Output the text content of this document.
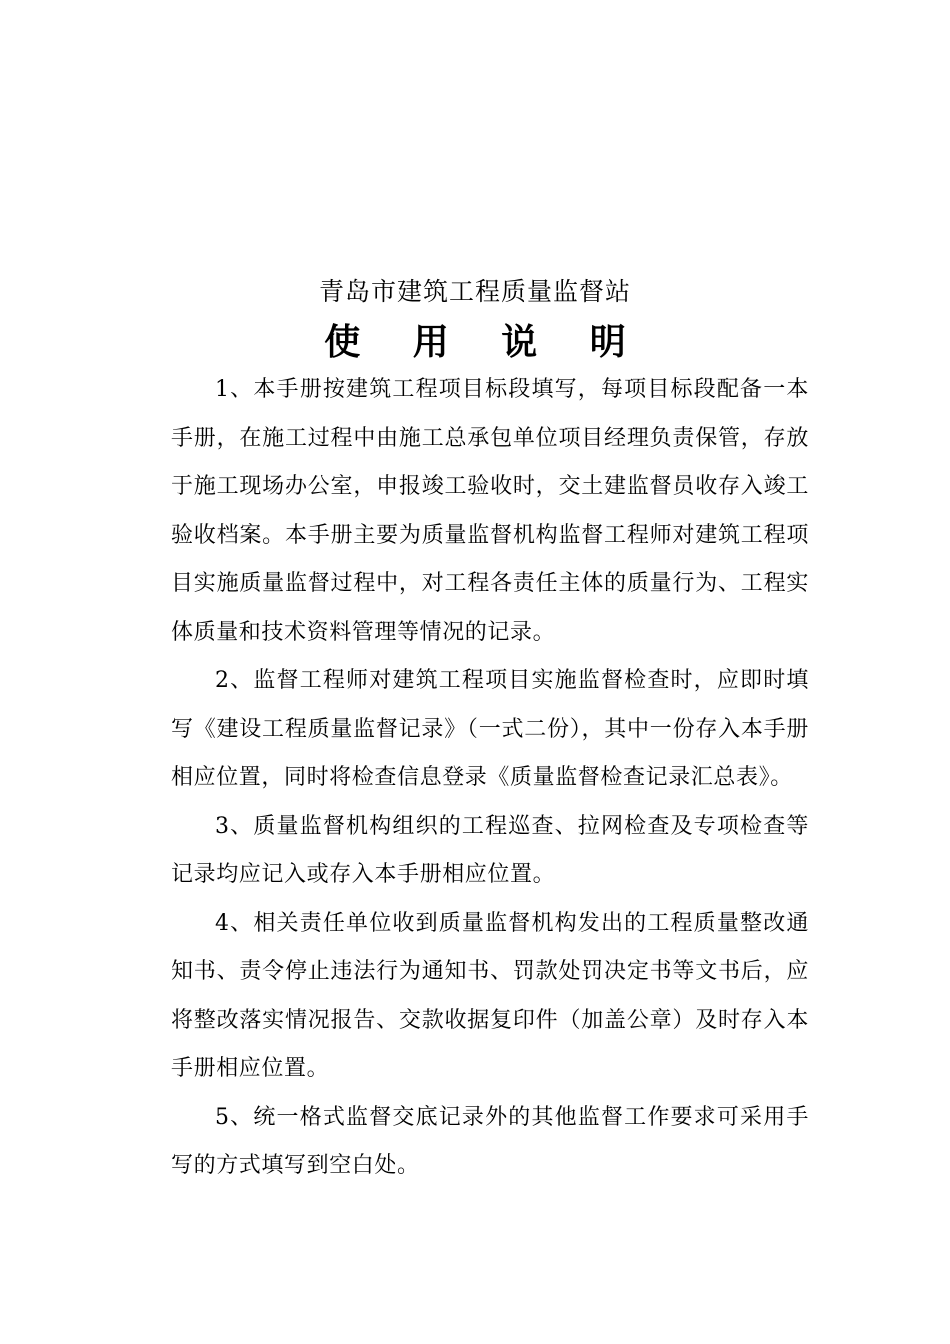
青岛市建筑工程质量监督站
使 用 说 明

1、本手册按建筑工程项目标段填写，每项目标段配备一本手册，在施工过程中由施工总承包单位项目经理负责保管，存放于施工现场办公室，申报竣工验收时，交土建监督员收存入竣工验收档案。本手册主要为质量监督机构监督工程师对建筑工程项目实施质量监督过程中，对工程各责任主体的质量行为、工程实体质量和技术资料管理等情况的记录。

2、监督工程师对建筑工程项目实施监督检查时，应即时填写《建设工程质量监督记录》（一式二份），其中一份存入本手册相应位置，同时将检查信息登录《质量监督检查记录汇总表》。

3、质量监督机构组织的工程巡查、拉网检查及专项检查等记录均应记入或存入本手册相应位置。

4、相关责任单位收到质量监督机构发出的工程质量整改通知书、责令停止违法行为通知书、罚款处罚决定书等文书后，应将整改落实情况报告、交款收据复印件（加盖公章）及时存入本手册相应位置。

5、统一格式监督交底记录外的其他监督工作要求可采用手写的方式填写到空白处。
